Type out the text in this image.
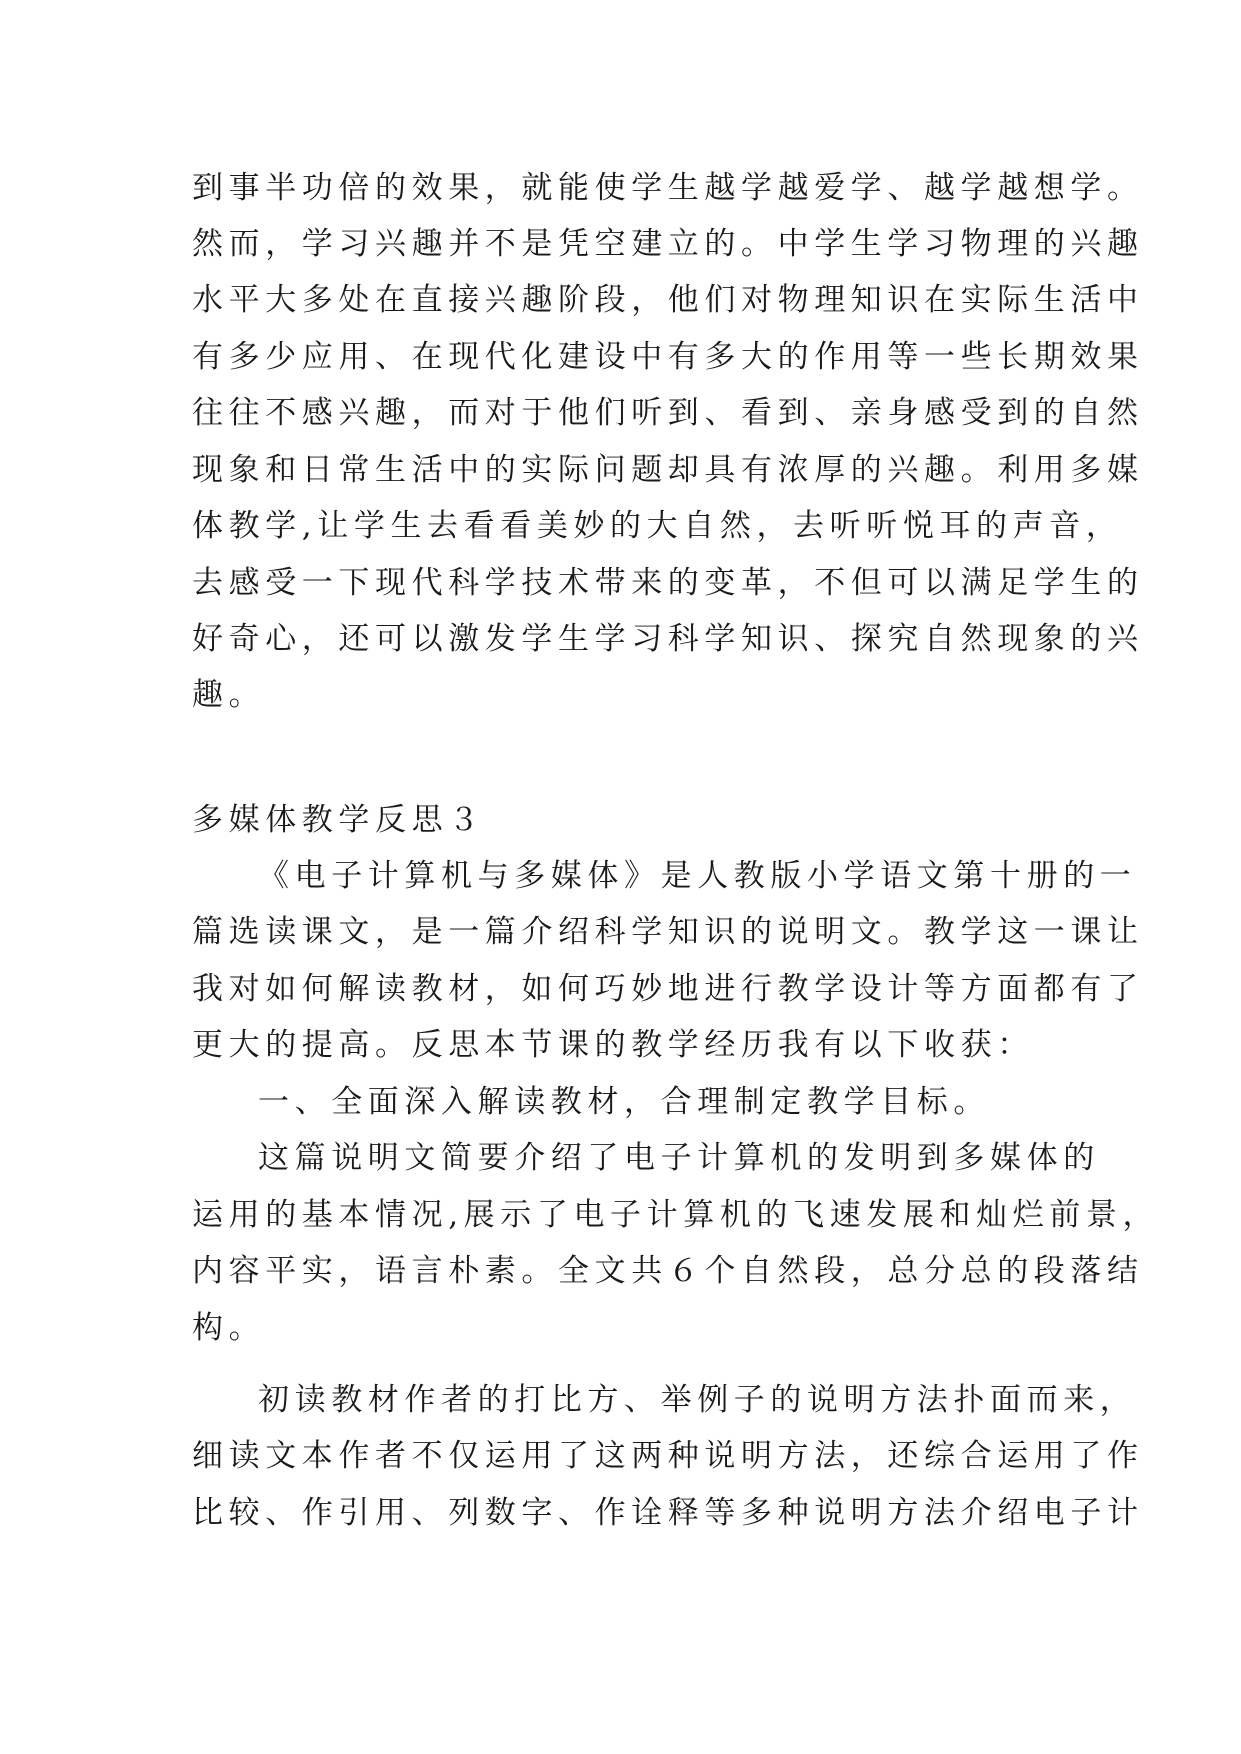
到事半功倍的效果，就能使学生越学越爱学、越学越想学。
然而，学习兴趣并不是凭空建立的。中学生学习物理的兴趣
水平大多处在直接兴趣阶段，他们对物理知识在实际生活中
有多少应用、在现代化建设中有多大的作用等一些长期效果
往往不感兴趣，而对于他们听到、看到、亲身感受到的自然
现象和日常生活中的实际问题却具有浓厚的兴趣。利用多媒
体教学,让学生去看看美妙的大自然，去听听悦耳的声音，
去感受一下现代科学技术带来的变革，不但可以满足学生的
好奇心，还可以激发学生学习科学知识、探究自然现象的兴
趣。
多媒体教学反思３
《电子计算机与多媒体》是人教版小学语文第十册的一
篇选读课文，是一篇介绍科学知识的说明文。教学这一课让
我对如何解读教材，如何巧妙地进行教学设计等方面都有了
更大的提高。反思本节课的教学经历我有以下收获：
一、全面深入解读教材，合理制定教学目标。
这篇说明文简要介绍了电子计算机的发明到多媒体的
运用的基本情况,展示了电子计算机的飞速发展和灿烂前景，
内容平实，语言朴素。全文共６个自然段，总分总的段落结
构。
初读教材作者的打比方、举例子的说明方法扑面而来，
细读文本作者不仅运用了这两种说明方法，还综合运用了作
比较、作引用、列数字、作诠释等多种说明方法介绍电子计
